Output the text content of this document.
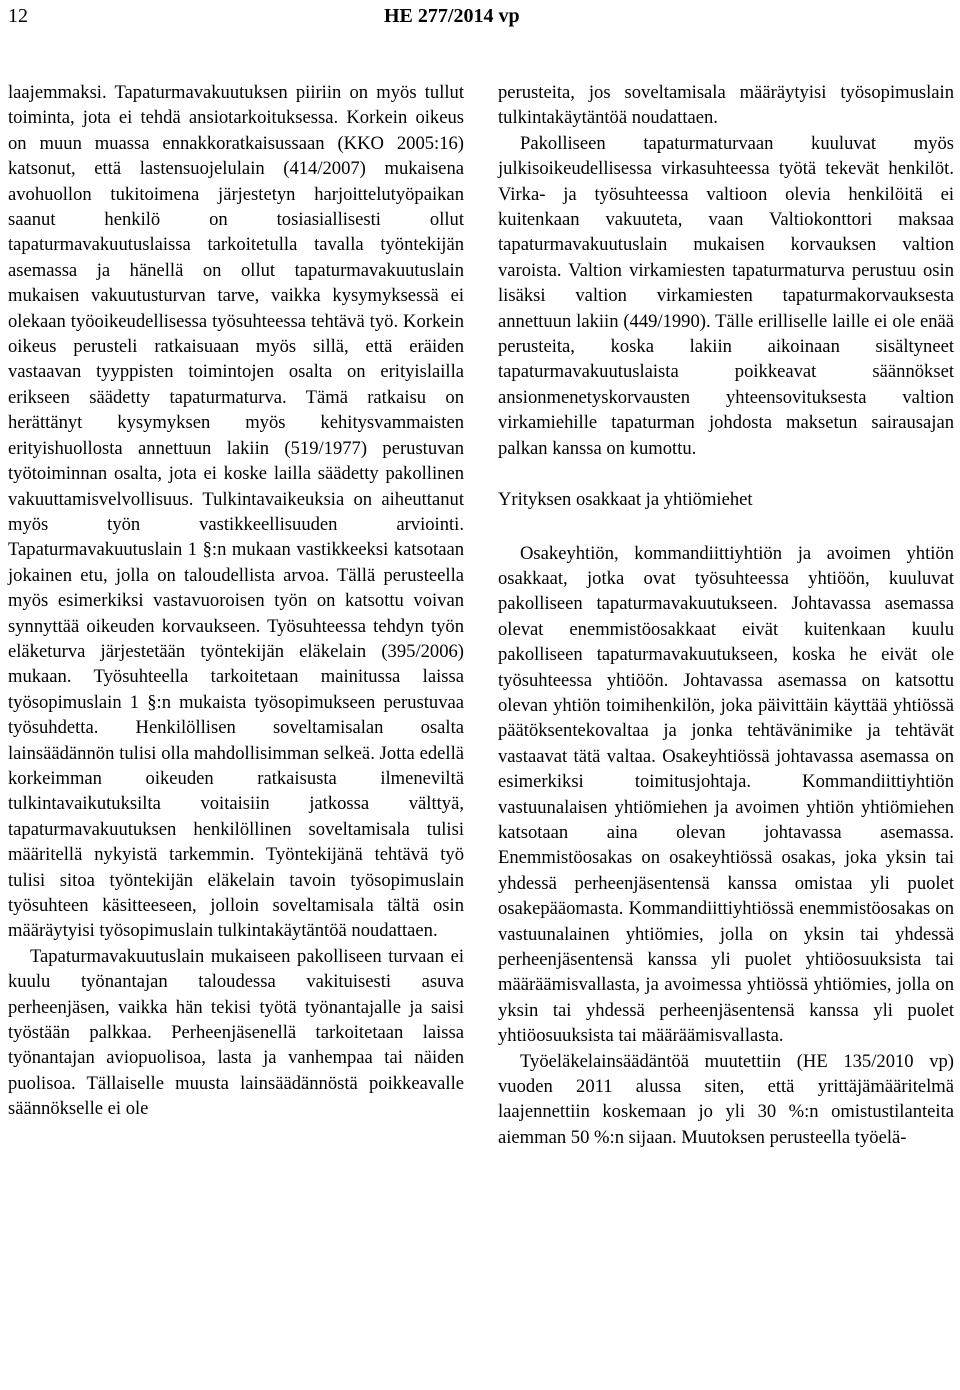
12	HE 277/2014 vp

laajemmaksi. Tapaturmavakuutuksen piiriin on myös tullut toiminta, jota ei tehdä ansiotarkoituksessa. Korkein oikeus on muun muassa ennakkoratkaisussaan (KKO 2005:16) katsonut, että lastensuojelulain (414/2007) mukaisena avohuollon tukitoimena järjestetyn harjoittelutyöpaikan saanut henkilö on tosiasiallisesti ollut tapaturmavakuutuslaissa tarkoitetulla tavalla työntekijän asemassa ja hänellä on ollut tapaturmavakuutuslain mukaisen vakuutusturvan tarve, vaikka kysymyksessä ei olekaan työoikeudellisessa työsuhteessa tehtävä työ. Korkein oikeus perusteli ratkaisuaan myös sillä, että eräiden vastaavan tyyppisten toimintojen osalta on erityislailla erikseen säädetty tapaturmaturva. Tämä ratkaisu on herättänyt kysymyksen myös kehitysvammaisten erityishuollosta annettuun lakiin (519/1977) perustuvan työtoiminnan osalta, jota ei koske lailla säädetty pakollinen vakuuttamisvelvollisuus. Tulkintavaikeuksia on aiheuttanut myös työn vastikkeellisuuden arviointi. Tapaturmavakuutuslain 1 §:n mukaan vastikkeeksi katsotaan jokainen etu, jolla on taloudellista arvoa. Tällä perusteella myös esimerkiksi vastavuoroisen työn on katsottu voivan synnyttää oikeuden korvaukseen. Työsuhteessa tehdyn työn eläketurva järjestetään työntekijän eläkelain (395/2006) mukaan. Työsuhteella tarkoitetaan mainitussa laissa työsopimuslain 1 §:n mukaista työsopimukseen perustuvaa työsuhdetta. Henkilöllisen soveltamisalan osalta lainsäädännön tulisi olla mahdollisimman selkeä. Jotta edellä korkeimman oikeuden ratkaisusta ilmeneviltä tulkintavaikutuksilta voitaisiin jatkossa välttyä, tapaturmavakuutuksen henkilöllinen soveltamisala tulisi määritellä nykyistä tarkemmin. Työntekijänä tehtävä työ tulisi sitoa työntekijän eläkelain tavoin työsopimuslain työsuhteen käsitteeseen, jolloin soveltamisala tältä osin määräytyisi työsopimuslain tulkintakäytäntöä noudattaen.

Tapaturmavakuutuslain mukaiseen pakolliseen turvaan ei kuulu työnantajan taloudessa vakituisesti asuva perheenjäsen, vaikka hän tekisi työtä työnantajalle ja saisi työstään palkkaa. Perheenjäsenellä tarkoitetaan laissa työnantajan aviopuolisoa, lasta ja vanhempaa tai näiden puolisoa. Tällaiselle muusta lainsäädännöstä poikkeavalle säännökselle ei ole

perusteita, jos soveltamisala määräytyisi työsopimuslain tulkintakäytäntöä noudattaen.

Pakolliseen tapaturmaturvaan kuuluvat myös julkisoikeudellisessa virkasuhteessa työtä tekevät henkilöt. Virka- ja työsuhteessa valtioon olevia henkilöitä ei kuitenkaan vakuuteta, vaan Valtiokonttori maksaa tapaturmavakuutuslain mukaisen korvauksen valtion varoista. Valtion virkamiesten tapaturmaturva perustuu osin lisäksi valtion virkamiesten tapaturmakorvauksesta annettuun lakiin (449/1990). Tälle erilliselle laille ei ole enää perusteita, koska lakiin aikoinaan sisältyneet tapaturmavakuutuslaista poikkeavat säännökset ansionmenetyskorvausten yhteensovituksesta valtion virkamiehille tapaturman johdosta maksetun sairausajan palkan kanssa on kumottu.

Yrityksen osakkaat ja yhtiömiehet

Osakeyhtiön, kommandiittiyhtiön ja avoimen yhtiön osakkaat, jotka ovat työsuhteessa yhtiöön, kuuluvat pakolliseen tapaturmavakuutukseen. Johtavassa asemassa olevat enemmistöosakkaat eivät kuitenkaan kuulu pakolliseen tapaturmavakuutukseen, koska he eivät ole työsuhteessa yhtiöön. Johtavassa asemassa on katsottu olevan yhtiön toimihenkilön, joka päivittäin käyttää yhtiössä päätöksentekovaltaa ja jonka tehtävänimike ja tehtävät vastaavat tätä valtaa. Osakeyhtiössä johtavassa asemassa on esimerkiksi toimitusjohtaja. Kommandiittiyhtiön vastuunalaisen yhtiömiehen ja avoimen yhtiön yhtiömiehen katsotaan aina olevan johtavassa asemassa. Enemmistöosakas on osakeyhtiössä osakas, joka yksin tai yhdessä perheenjäsentensä kanssa omistaa yli puolet osakepääomasta. Kommandiittiyhtiössä enemmistöosakas on vastuunalainen yhtiömies, jolla on yksin tai yhdessä perheenjäsentensä kanssa yli puolet yhtiöosuuksista tai määräämisvallasta, ja avoimessa yhtiössä yhtiömies, jolla on yksin tai yhdessä perheenjäsentensä kanssa yli puolet yhtiöosuuksista tai määräämisvallasta.

Työeläkelainsäädäntöä muutettiin (HE 135/2010 vp) vuoden 2011 alussa siten, että yrittäjämääritelmä laajennettiin koskemaan jo yli 30 %:n omistustilanteita aiemman 50 %:n sijaan. Muutoksen perusteella työelä-
